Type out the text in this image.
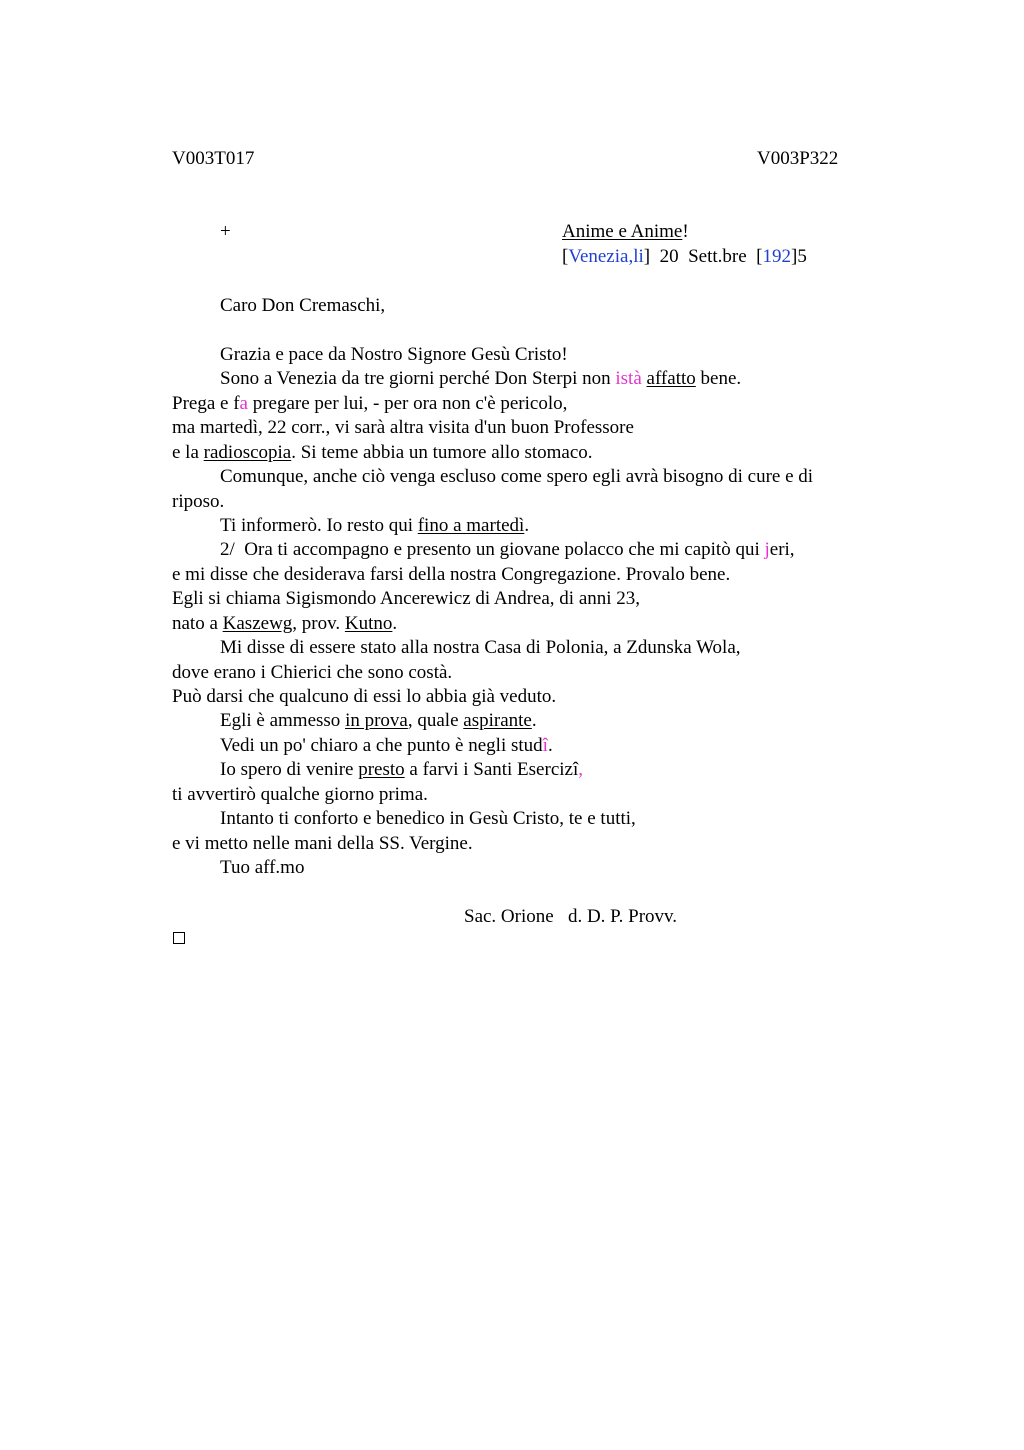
V003T017	V003P322
+	Anime e Anime!
[Venezia,li]  20  Sett.bre  [192]5
Caro Don Cremaschi,
Grazia e pace da Nostro Signore Gesù Cristo!
Sono a Venezia da tre giorni perché Don Sterpi non istà affatto bene.
Prega e fa pregare per lui, - per ora non c'è pericolo,
ma martedì, 22 corr., vi sarà altra visita d'un buon Professore
e la radioscopia. Si teme abbia un tumore allo stomaco.
Comunque, anche ciò venga escluso come spero egli avrà bisogno di cure e di
riposo.
Ti informerò. Io resto qui fino a martedì.
2/  Ora ti accompagno e presento un giovane polacco che mi capitò qui jeri,
e mi disse che desiderava farsi della nostra Congregazione. Provalo bene.
Egli si chiama Sigismondo Ancerewicz di Andrea, di anni 23,
nato a Kaszewg, prov. Kutno.
Mi disse di essere stato alla nostra Casa di Polonia, a Zdunska Wola,
dove erano i Chierici che sono costà.
Può darsi che qualcuno di essi lo abbia già veduto.
Egli è ammesso in prova, quale aspirante.
Vedi un po' chiaro a che punto è negli studî.
Io spero di venire presto a farvi i Santi Esercizî,
ti avvertirò qualche giorno prima.
Intanto ti conforto e benedico in Gesù Cristo, te e tutti,
e vi metto nelle mani della SS. Vergine.
Tuo aff.mo
Sac. Orione   d. D. P. Provv.
